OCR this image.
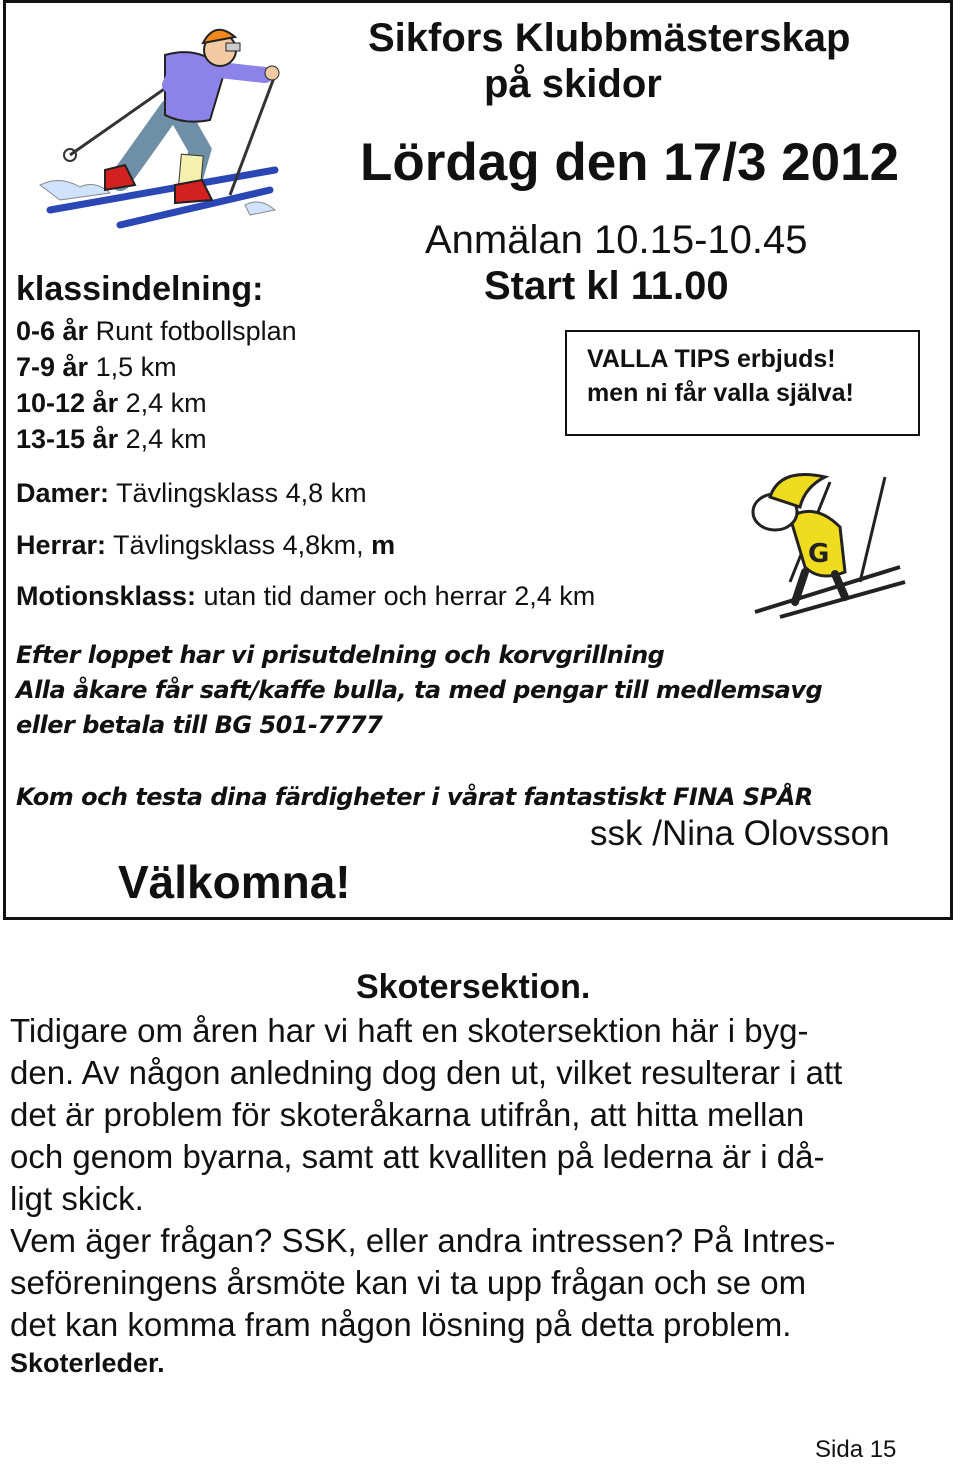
Sikfors Klubbmästerskap
på skidor
Lördag den 17/3 2012
Anmälan 10.15-10.45
Start kl 11.00
klassindelning:
0-6 år Runt fotbollsplan
7-9 år 1,5 km
10-12 år 2,4 km
13-15 år 2,4 km
VALLA TIPS erbjuds!
men ni får valla själva!
Damer: Tävlingsklass 4,8 km
Herrar: Tävlingsklass 4,8km, m
Motionsklass: utan tid damer och herrar 2,4 km
G
Efter loppet har vi prisutdelning och korvgrillning
Alla åkare får saft/kaffe bulla, ta med pengar till medlemsavg
eller betala till BG 501-7777
Kom och testa dina färdigheter i vårat fantastiskt FINA SPÅR
ssk /Nina Olovsson
Välkomna!
Skotersektion.
Tidigare om åren har vi haft en skotersektion här i byg-
den. Av någon anledning dog den ut, vilket resulterar i att
det är problem för skoteråkarna utifrån, att hitta mellan
och genom byarna, samt att kvalliten på lederna är i då-
ligt skick.
Vem äger frågan? SSK, eller andra intressen? På Intres-
seföreningens årsmöte kan vi ta upp frågan och se om
det kan komma fram någon lösning på detta problem.
Skoterleder.
Sida 15
